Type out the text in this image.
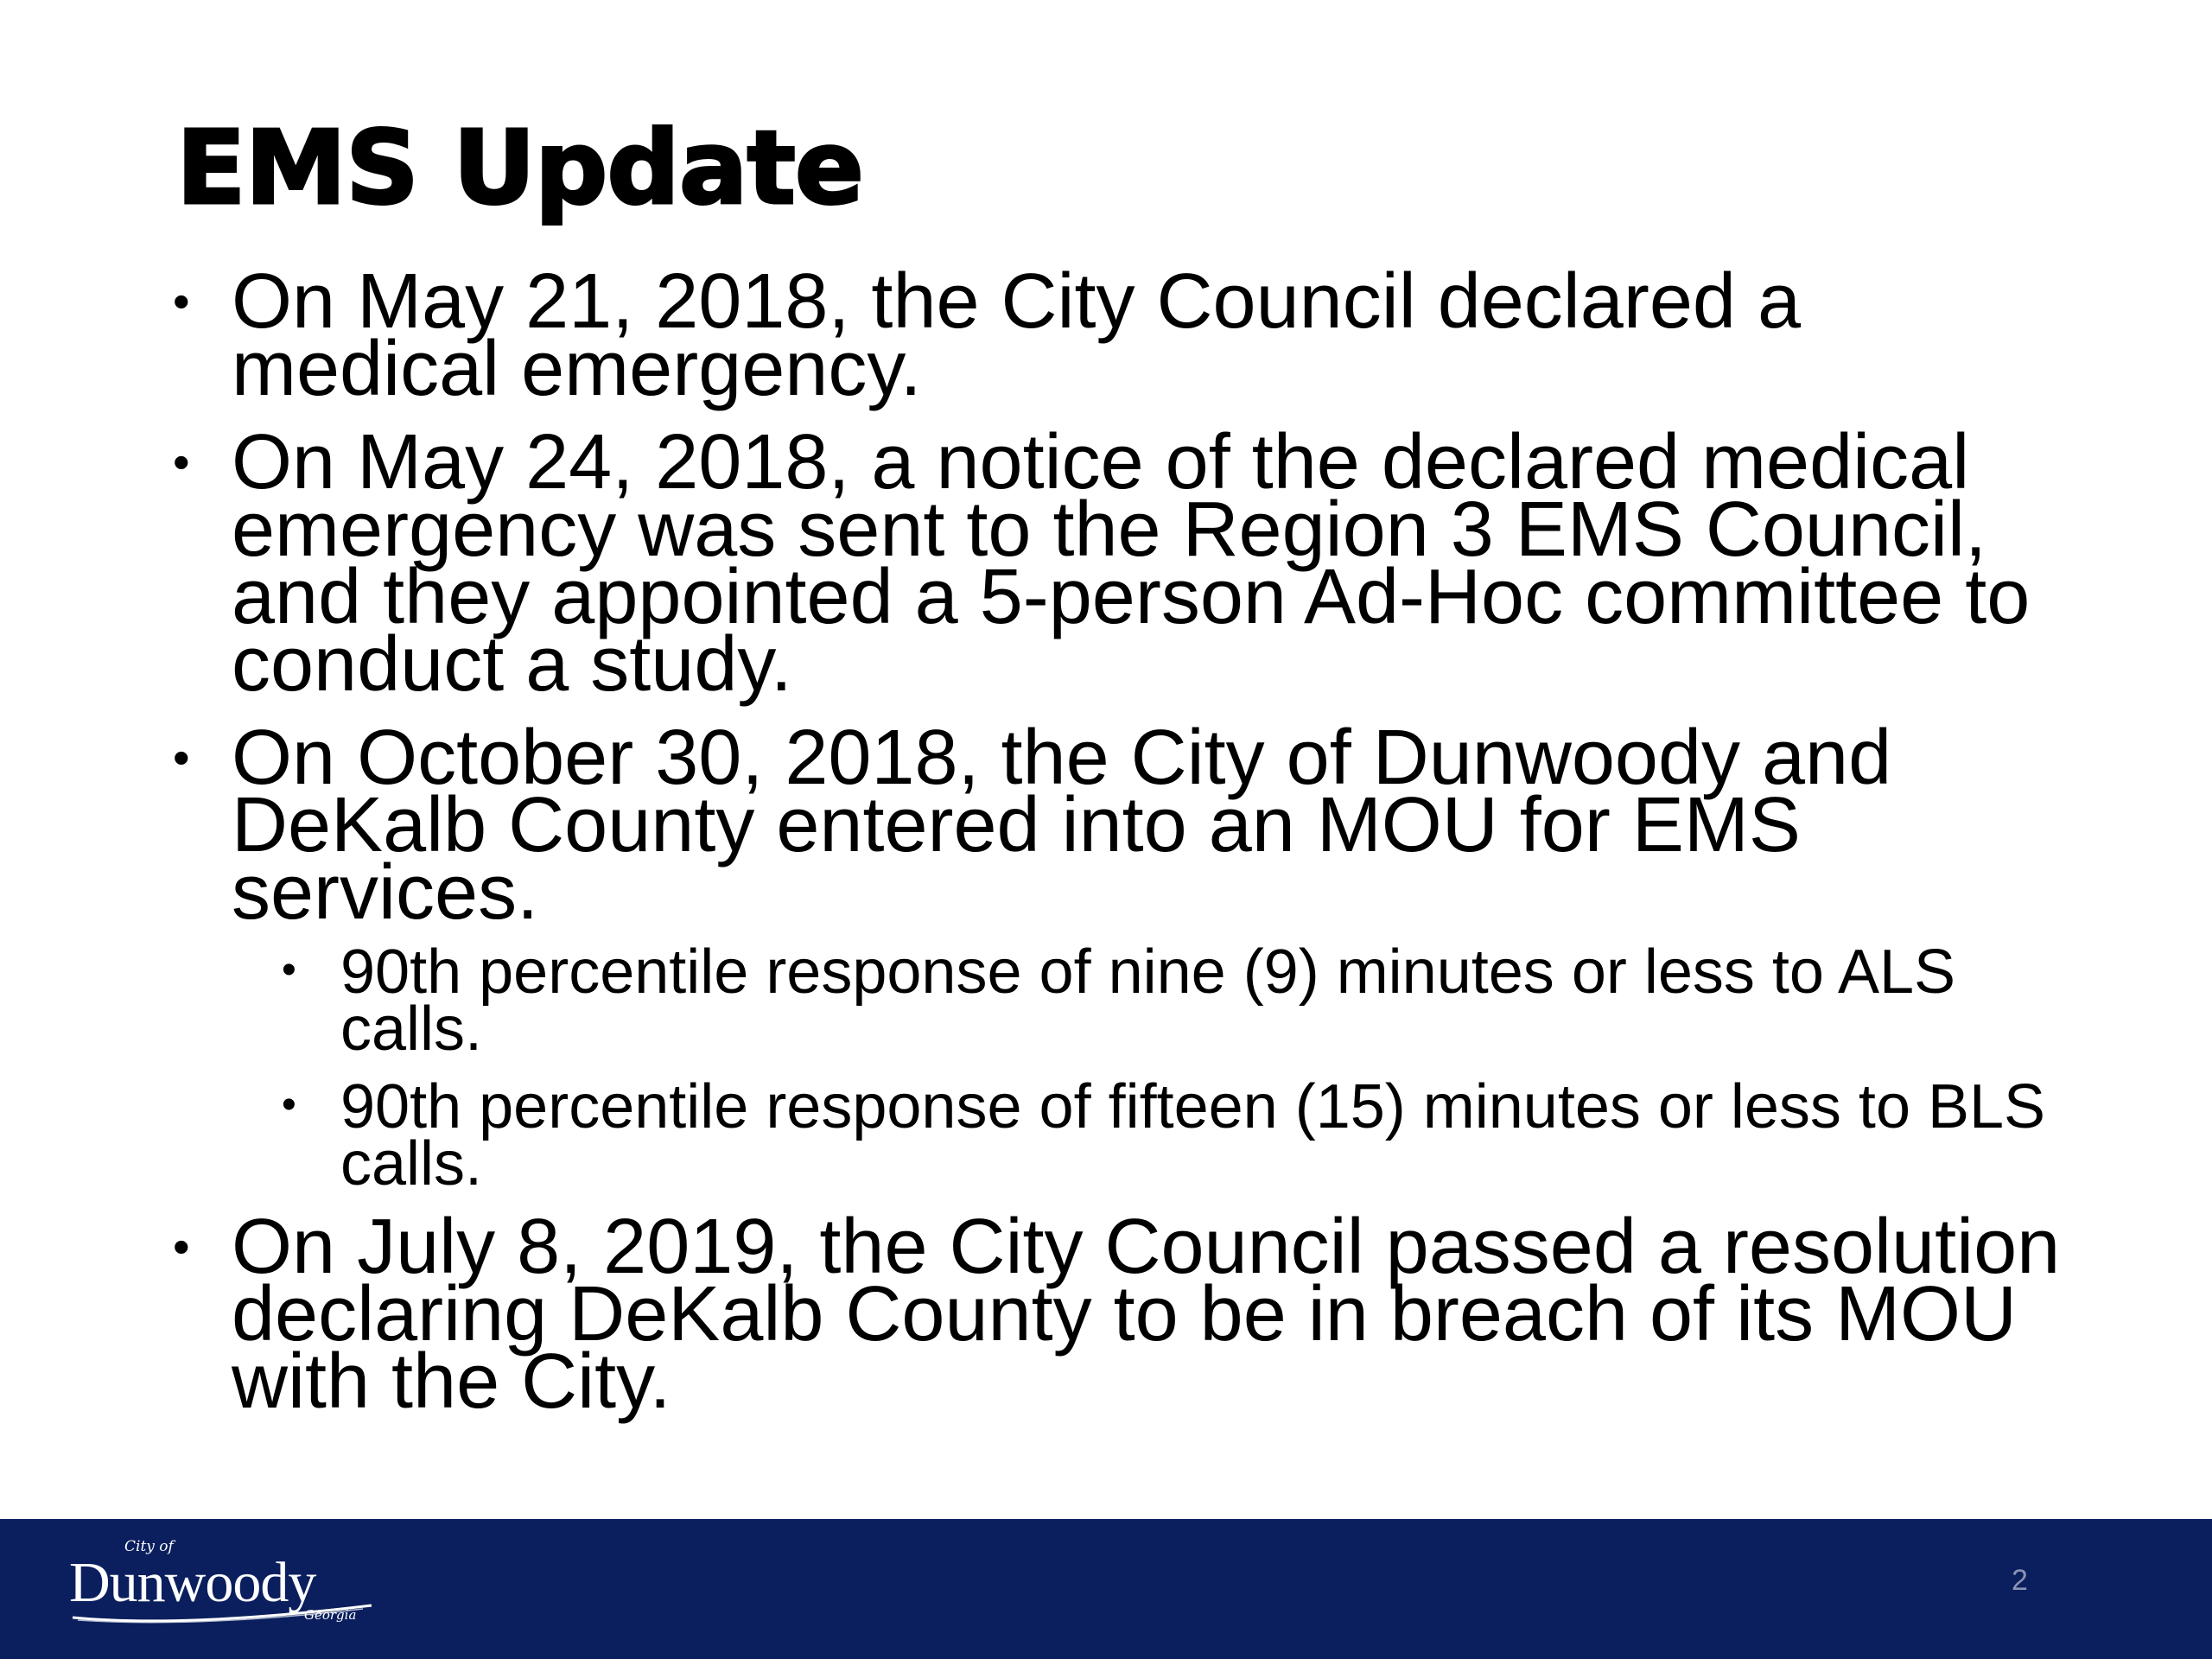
EMS Update
• On May 21, 2018, the City Council declared a medical emergency.
• On May 24, 2018, a notice of the declared medical emergency was sent to the Region 3 EMS Council, and they appointed a 5-person Ad-Hoc committee to conduct a study.
• On October 30, 2018, the City of Dunwoody and DeKalb County entered into an MOU for EMS services.
• 90th percentile response of nine (9) minutes or less to ALS calls.
• 90th percentile response of fifteen (15) minutes or less to BLS calls.
• On July 8, 2019, the City Council passed a resolution declaring DeKalb County to be in breach of its MOU with the City.
City of
Dunwoody
Georgia
2
